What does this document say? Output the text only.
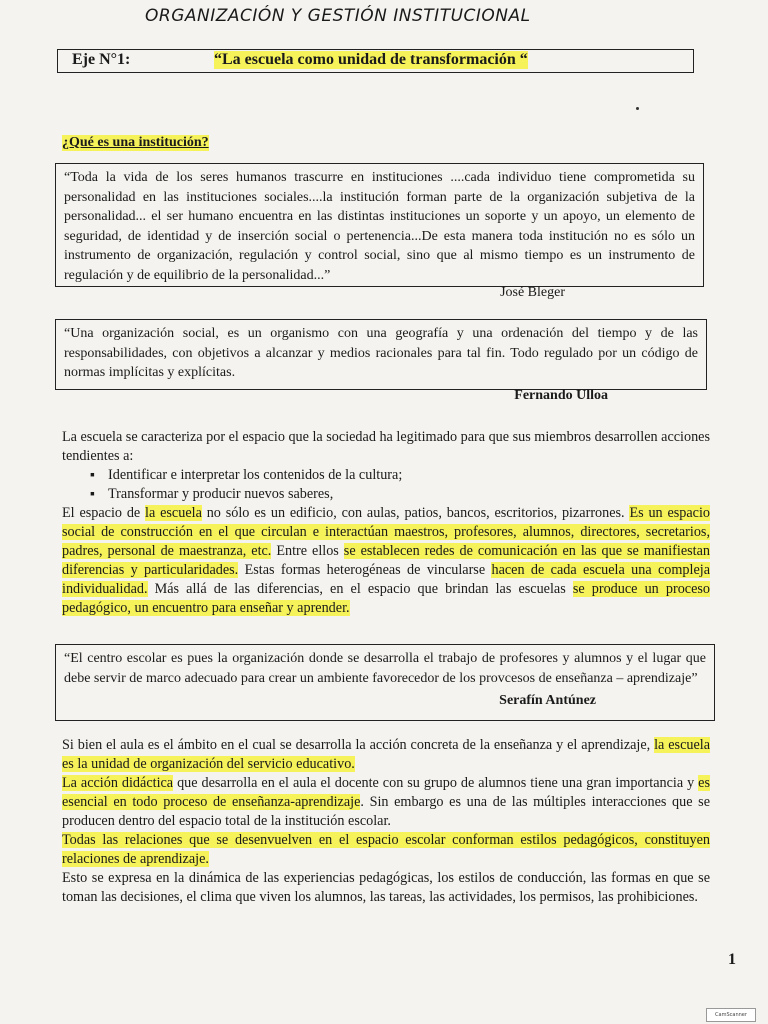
ORGANIZACIÓN Y GESTIÓN INSTITUCIONAL
Eje N°1:	“La escuela como unidad de transformación “
¿Qué es una institución?
“Toda la vida de los seres humanos trascurre en instituciones ....cada individuo tiene comprometida su personalidad en las instituciones sociales....la institución forman parte de la organización subjetiva de la personalidad... el ser humano encuentra en las distintas instituciones un soporte y un apoyo, un elemento de seguridad, de identidad y de inserción social o pertenencia...De esta manera toda institución no es sólo un instrumento de organización, regulación y control social, sino que al mismo tiempo es un instrumento de regulación y de equilibrio de la personalidad...”
José Bleger
“Una organización social, es un organismo con una geografía y una ordenación del tiempo y de las responsabilidades, con objetivos a alcanzar y medios racionales para tal fin. Todo regulado por un código de normas implícitas y explícitas.
Fernando Ulloa
La escuela se caracteriza por el espacio que la sociedad ha legitimado para que sus miembros desarrollen acciones tendientes a:
▪ Identificar e interpretar los contenidos de la cultura;
▪ Transformar y producir nuevos saberes,
El espacio de la escuela no sólo es un edificio, con aulas, patios, bancos, escritorios, pizarrones. Es un espacio social de construcción en el que circulan e interactúan maestros, profesores, alumnos, directores, secretarios, padres, personal de maestranza, etc. Entre ellos se establecen redes de comunicación en las que se manifiestan diferencias y particularidades. Estas formas heterogéneas de vincularse hacen de cada escuela una compleja individualidad. Más allá de las diferencias, en el espacio que brindan las escuelas se produce un proceso pedagógico, un encuentro para enseñar y aprender.
“El centro escolar es pues la organización donde se desarrolla el trabajo de profesores y alumnos y el lugar que debe servir de marco adecuado para crear un ambiente favorecedor de los provcesos de enseñanza – aprendizaje”
Serafín Antúnez
Si bien el aula es el ámbito en el cual se desarrolla la acción concreta de la enseñanza y el aprendizaje, la escuela es la unidad de organización del servicio educativo.
La acción didáctica que desarrolla en el aula el docente con su grupo de alumnos tiene una gran importancia y es esencial en todo proceso de enseñanza-aprendizaje. Sin embargo es una de las múltiples interacciones que se producen dentro del espacio total de la institución escolar.
Todas las relaciones que se desenvuelven en el espacio escolar conforman estilos pedagógicos, constituyen relaciones de aprendizaje.
Esto se expresa en la dinámica de las experiencias pedagógicas, los estilos de conducción, las formas en que se toman las decisiones, el clima que viven los alumnos, las tareas, las actividades, los permisos, las prohibiciones.
1
CamScanner
